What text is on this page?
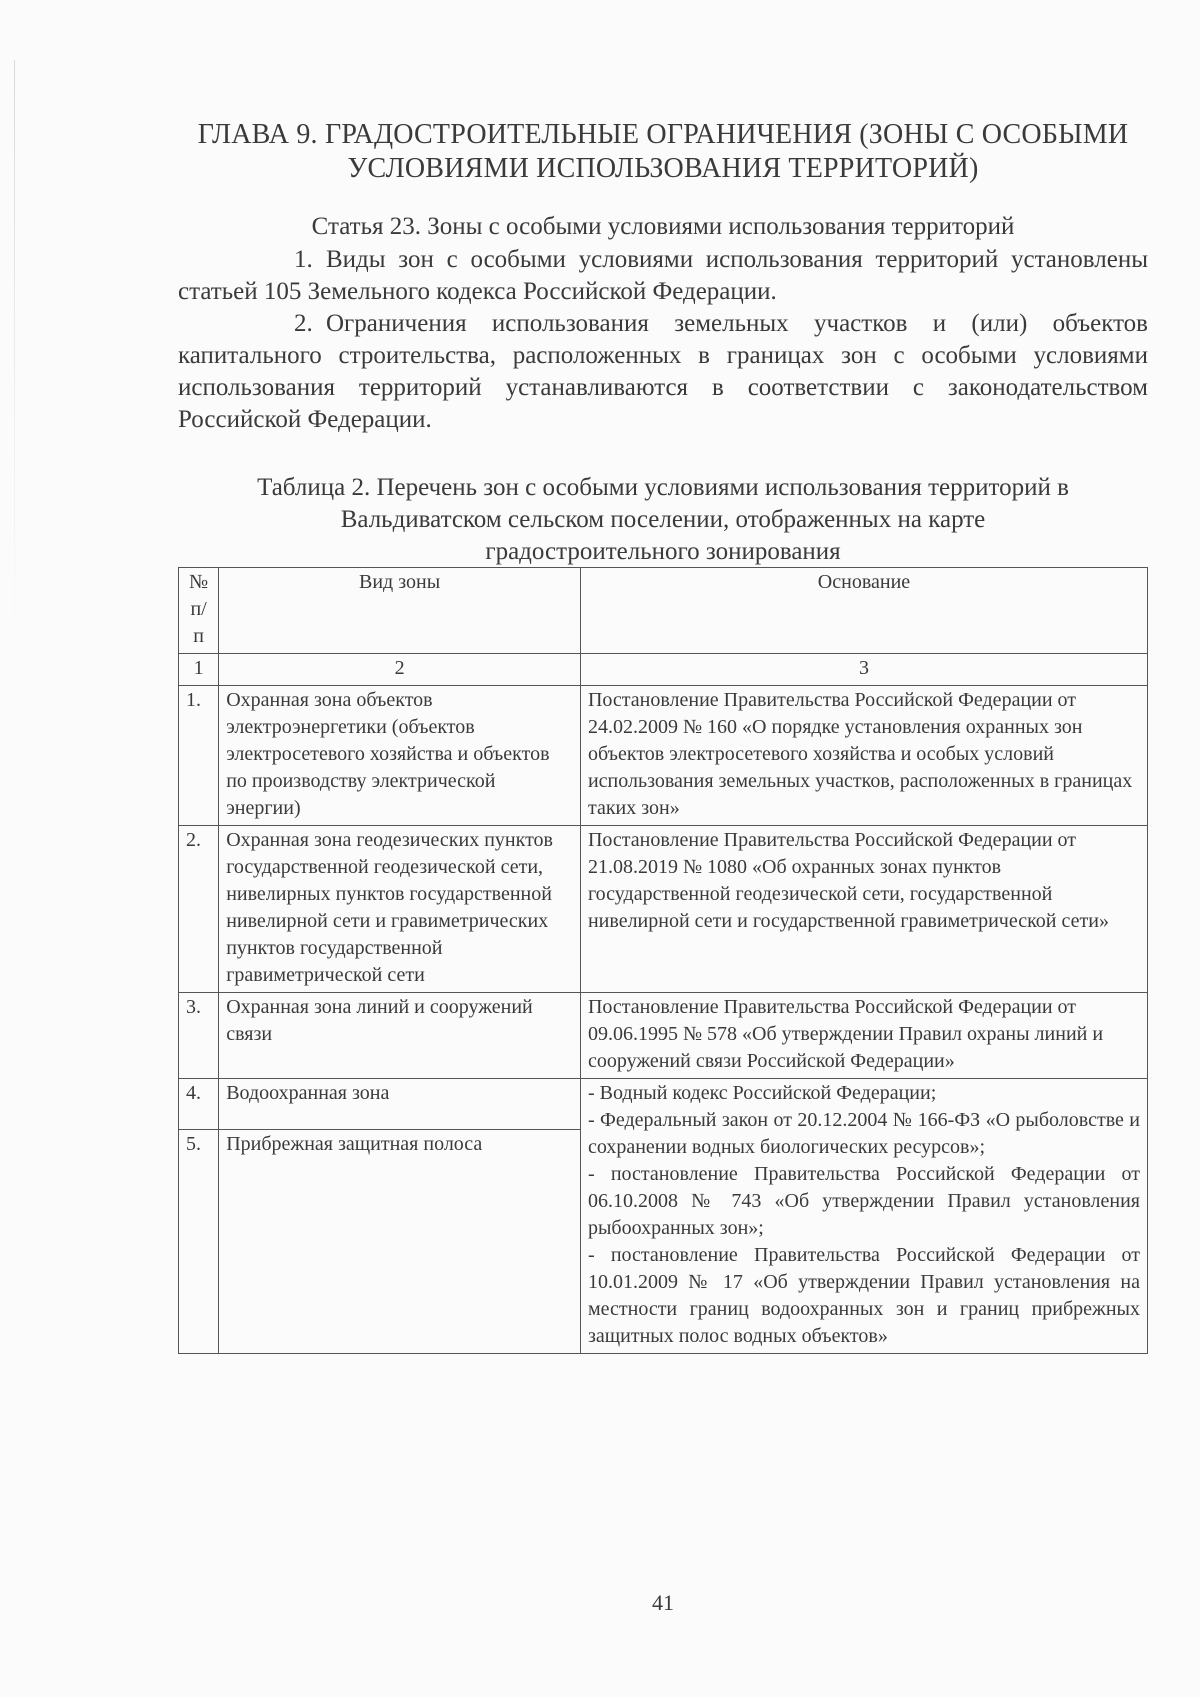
ГЛАВА 9. ГРАДОСТРОИТЕЛЬНЫЕ ОГРАНИЧЕНИЯ (ЗОНЫ С ОСОБЫМИ
УСЛОВИЯМИ ИСПОЛЬЗОВАНИЯ ТЕРРИТОРИЙ)
Статья 23. Зоны с особыми условиями использования территорий
1. Виды зон с особыми условиями использования территорий установлены статьей 105 Земельного кодекса Российской Федерации.
2. Ограничения использования земельных участков и (или) объектов капитального строительства, расположенных в границах зон с особыми условиями использования территорий устанавливаются в соответствии с законодательством Российской Федерации.
Таблица 2. Перечень зон с особыми условиями использования территорий в
Вальдиватском сельском поселении, отображенных на карте
градостроительного зонирования
№ п/п	Вид зоны	Основание
1	2	3
1.	Охранная зона объектов электроэнергетики (объектов электросетевого хозяйства и объектов по производству электрической энергии)	Постановление Правительства Российской Федерации от 24.02.2009 № 160 «О порядке установления охранных зон объектов электросетевого хозяйства и особых условий использования земельных участков, расположенных в границах таких зон»
2.	Охранная зона геодезических пунктов государственной геодезической сети, нивелирных пунктов государственной нивелирной сети и гравиметрических пунктов государственной гравиметрической сети	Постановление Правительства Российской Федерации от 21.08.2019 № 1080 «Об охранных зонах пунктов государственной геодезической сети, государственной нивелирной сети и государственной гравиметрической сети»
3.	Охранная зона линий и сооружений связи	Постановление Правительства Российской Федерации от 09.06.1995 № 578 «Об утверждении Правил охраны линий и сооружений связи Российской Федерации»
4.	Водоохранная зона	- Водный кодекс Российской Федерации;
- Федеральный закон от 20.12.2004 № 166-ФЗ «О рыболовстве и сохранении водных биологических ресурсов»;
- постановление Правительства Российской Федерации от 06.10.2008 № 743 «Об утверждении Правил установления рыбоохранных зон»;
- постановление Правительства Российской Федерации от 10.01.2009 № 17 «Об утверждении Правил установления на местности границ водоохранных зон и границ прибрежных защитных полос водных объектов»

5.	Прибрежная защитная полоса	
41
